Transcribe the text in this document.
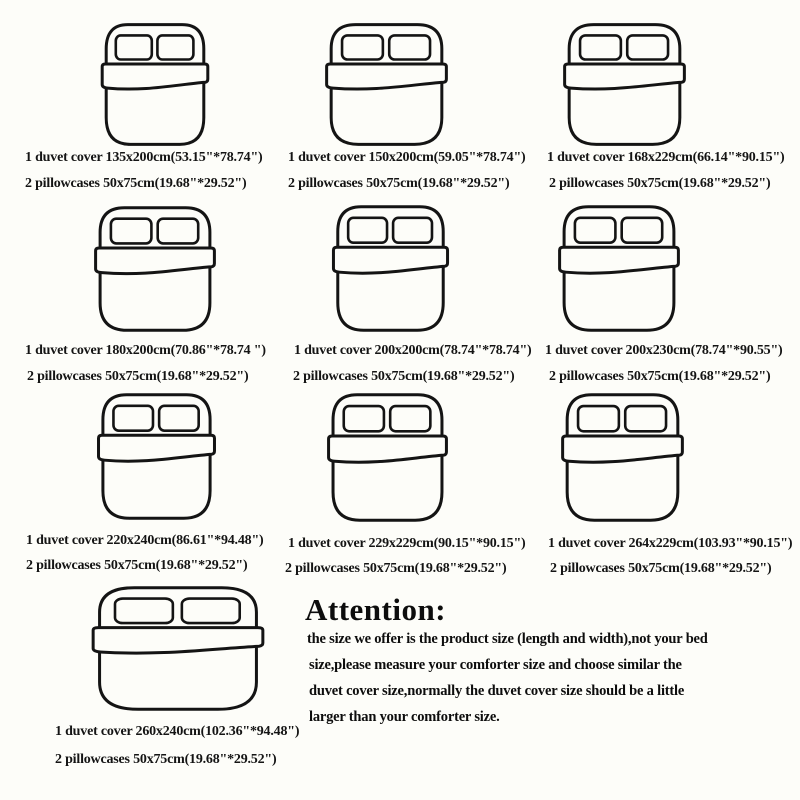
1 duvet cover 135x200cm(53.15"*78.74")
2 pillowcases 50x75cm(19.68"*29.52")
1 duvet cover 150x200cm(59.05"*78.74")
2 pillowcases 50x75cm(19.68"*29.52")
1 duvet cover 168x229cm(66.14"*90.15")
2 pillowcases 50x75cm(19.68"*29.52")
1 duvet cover 180x200cm(70.86"*78.74 ")
2 pillowcases 50x75cm(19.68"*29.52")
1 duvet cover 200x200cm(78.74"*78.74")
2 pillowcases 50x75cm(19.68"*29.52")
1 duvet cover 200x230cm(78.74"*90.55")
2 pillowcases 50x75cm(19.68"*29.52")
1 duvet cover 220x240cm(86.61"*94.48")
2 pillowcases 50x75cm(19.68"*29.52")
1 duvet cover 229x229cm(90.15"*90.15")
2 pillowcases 50x75cm(19.68"*29.52")
1 duvet cover 264x229cm(103.93"*90.15")
2 pillowcases 50x75cm(19.68"*29.52")
1 duvet cover 260x240cm(102.36"*94.48")
2 pillowcases 50x75cm(19.68"*29.52")
Attention:
the size we offer is the product size (length and width),not your bed
size,please measure your comforter size and choose similar the
duvet cover size,normally the duvet cover size should be a little
larger than your comforter size.
